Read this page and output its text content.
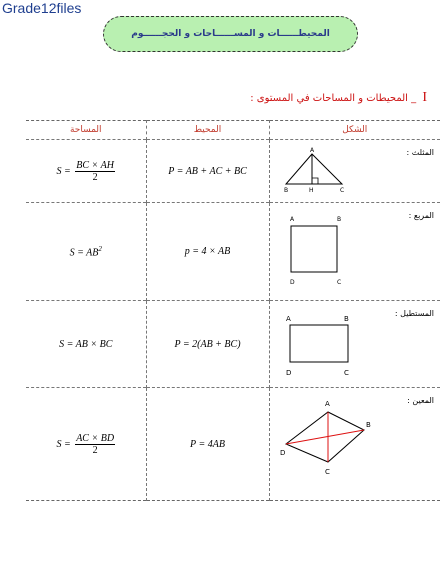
Grade12files
المحيطــــــات و المســــــاحات و الحجــــــوم
I _ المحيطات و المساحات في المستوى :
المساحة	المحيط	الشكل
$S = \frac{BC \times AH}{2}$	P = AB + AC + BC	المثلث :
A
B H C

$S = AB^2$	p = 4 × AB	المربع :
A B
D C

S = AB × BC	P = 2(AB + BC)	المستطيل :
A B
D C

$S = \frac{AC \times BD}{2}$	P = 4AB	المعين :
A
B
D
C
